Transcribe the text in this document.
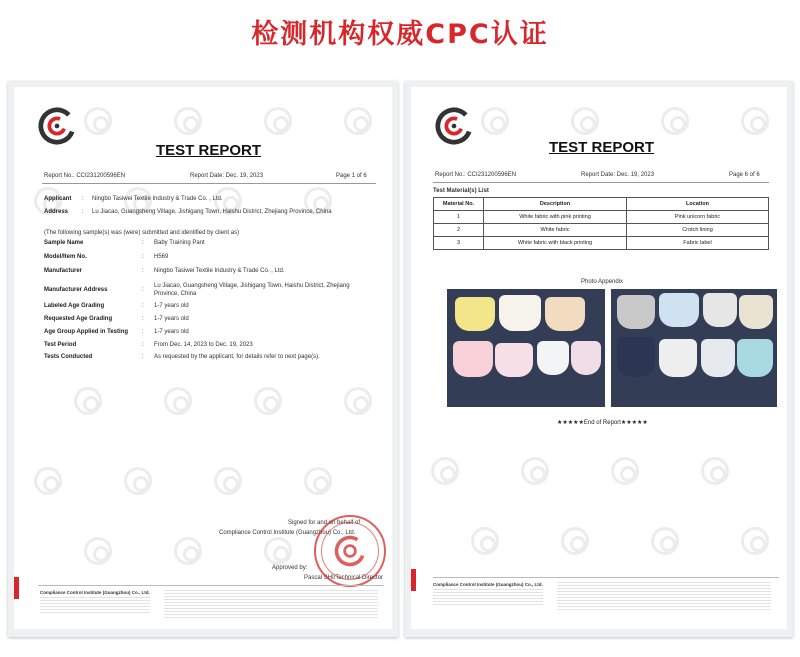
检测机构权威CPC认证
TEST REPORT
Report No.: CCI231200596EN	Report Date: Dec. 19, 2023	Page 1 of 6
Applicant : Ningbo Tasiwei Textile Industry & Trade Co. , Ltd.
Address : Lu Jiacao, Guangsheng Village, Jishigang Town, Haishu District, Zhejiang Province, China
(The following sample(s) was (were) submitted and identified by client as)
Sample Name	: Baby Training Pant
Model/Item No.	: H569
Manufacturer	: Ningbo Tasiwei Textile Industry & Trade Co. , Ltd.
Manufacturer Address	:
Lu Jiacao, Guangsheng Village, Jishigang Town, Haishu District, Zhejiang
Province, China
Labeled Age Grading	: 1-7 years old
Requested Age Grading	: 1-7 years old
Age Group Applied in Testing : 1-7 years old
Test Period	: From Dec. 14, 2023 to Dec. 19, 2023
Tests Conducted	: As requested by the applicant, for details refer to next page(s).
Signed for and on behalf of
Compliance Control Institute (Guangzhou) Co., Ltd.
Approved by:
Pascal SHI/Technical Director
Compliance Control Institute (Guangzhou) Co., Ltd.
TEST REPORT
Report No.: CCI231200596EN	Report Date: Dec. 19, 2023	Page 6 of 6
Test Material(s) List
Material No.	Description	Location
1	White fabric with pink printing	Pink unicorn fabric
2	White fabric	Crotch lining
3	White fabric with black printing	Fabric label
Photo Appendix
★★★★★End of Report★★★★★
Compliance Control Institute (Guangzhou) Co., Ltd.
